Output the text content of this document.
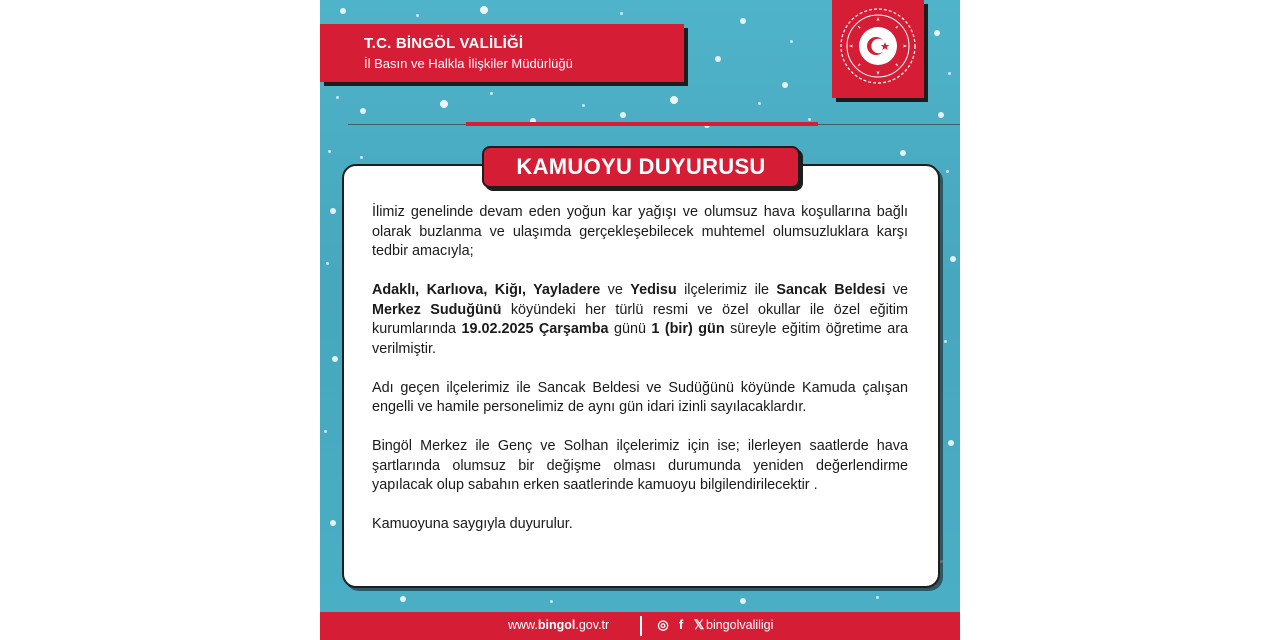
T.C. BİNGÖL VALİLİĞİ
İl Basın ve Halkla İlişkiler Müdürlüğü
KAMUOYU DUYURUSU

İlimiz genelinde devam eden yoğun kar yağışı ve olumsuz hava koşullarına bağlı olarak buzlanma ve ulaşımda gerçekleşebilecek muhtemel olumsuzluklara karşı tedbir amacıyla;

Adaklı, Karlıova, Kiğı, Yayladere ve Yedisu ilçelerimiz ile Sancak Beldesi ve Merkez Suduğünü köyündeki her türlü resmi ve özel okullar ile özel eğitim kurumlarında 19.02.2025 Çarşamba günü 1 (bir) gün süreyle eğitim öğretime ara verilmiştir.

Adı geçen ilçelerimiz ile Sancak Beldesi ve Sudüğünü köyünde Kamuda çalışan engelli ve hamile personelimiz de aynı gün idari izinli sayılacaklardır.

Bingöl Merkez ile Genç ve Solhan ilçelerimiz için ise; ilerleyen saatlerde hava şartlarında olumsuz bir değişme olması durumunda yeniden değerlendirme yapılacak olup sabahın erken saatlerinde kamuoyu bilgilendirilecektir .

Kamuoyuna saygıyla duyurulur.

www.bingol.gov.tr	◎ f 𝕏 bingolvaliligi
